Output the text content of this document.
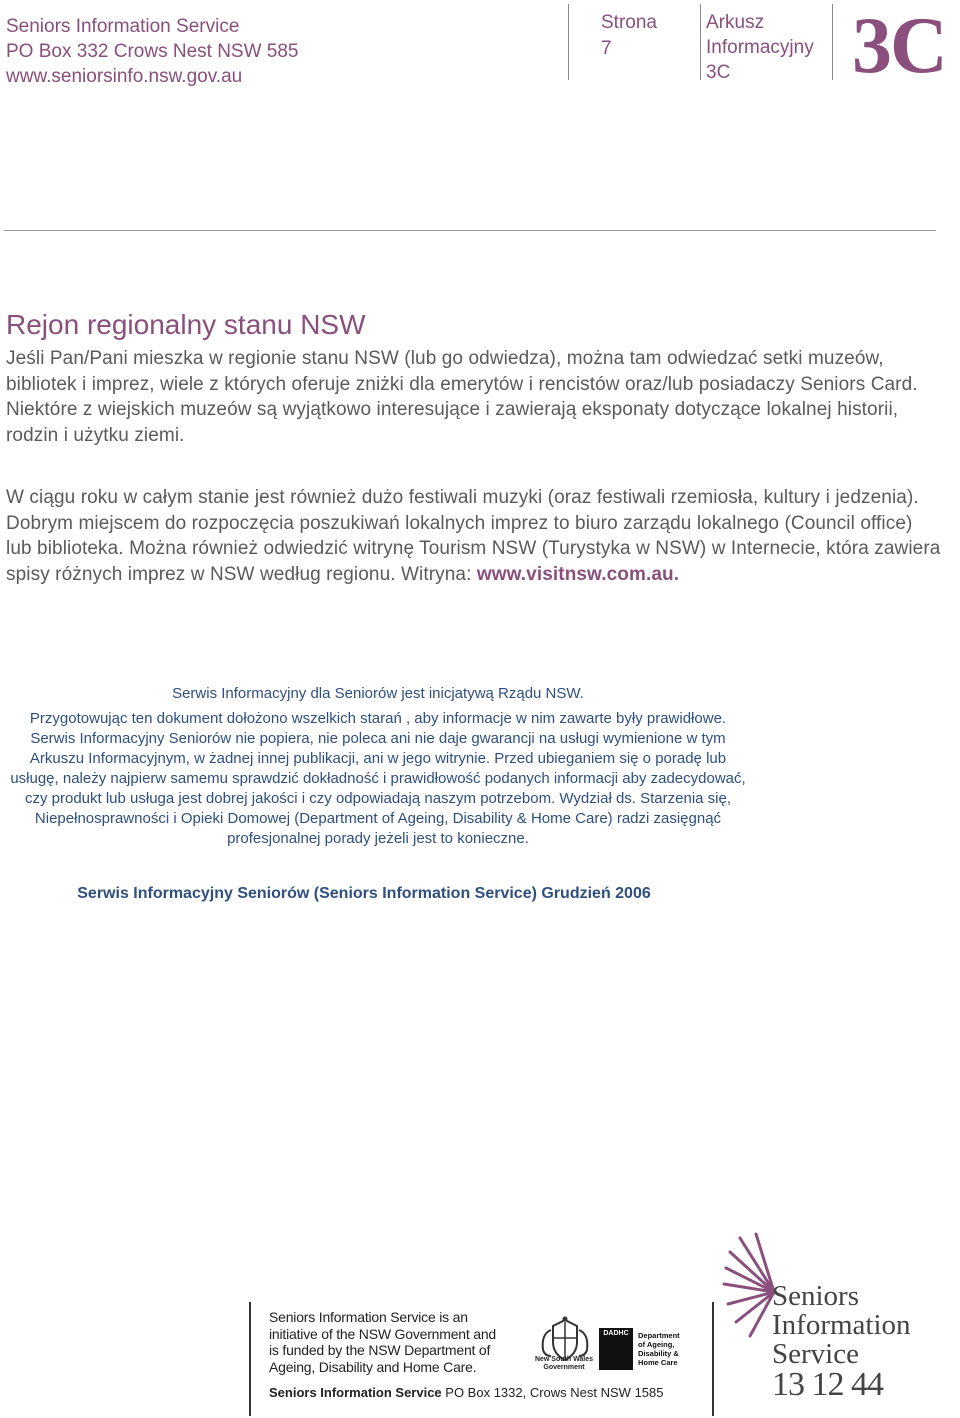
Seniors Information Service
PO Box 332 Crows Nest NSW 585
www.seniorsinfo.nsw.gov.au
Strona
7
Arkusz
Informacyjny
3C	3C
Rejon regionalny stanu NSW
Jeśli Pan/Pani mieszka w regionie stanu NSW (lub go odwiedza), można tam odwiedzać setki muzeów, bibliotek i imprez, wiele z których oferuje zniżki dla emerytów i rencistów oraz/lub posiadaczy Seniors Card. Niektóre z wiejskich muzeów są wyjątkowo interesujące i zawierają eksponaty dotyczące lokalnej historii, rodzin i użytku ziemi.
W ciągu roku w całym stanie jest również dużo festiwali muzyki (oraz festiwali rzemiosła, kultury i jedzenia). Dobrym miejscem do rozpoczęcia poszukiwań lokalnych imprez to biuro zarządu lokalnego (Council office) lub biblioteka. Można również odwiedzić witrynę Tourism NSW (Turystyka w NSW) w Internecie, która zawiera spisy różnych imprez w NSW według regionu. Witryna: www.visitnsw.com.au.
Serwis Informacyjny dla Seniorów jest inicjatywą Rządu NSW.
Przygotowując ten dokument dołożono wszelkich starań , aby informacje w nim zawarte były prawidłowe. Serwis Informacyjny Seniorów nie popiera, nie poleca ani nie daje gwarancji na usługi wymienione w tym Arkuszu Informacyjnym, w żadnej innej publikacji, ani w jego witrynie. Przed ubieganiem się o poradę lub usługę, należy najpierw samemu sprawdzić dokładność i prawidłowość podanych informacji aby zadecydować, czy produkt lub usługa jest dobrej jakości i czy odpowiadają naszym potrzebom. Wydział ds. Starzenia się, Niepełnosprawności i Opieki Domowej (Department of Ageing, Disability & Home Care) radzi zasięgnąć profesjonalnej porady jeżeli jest to konieczne.
Serwis Informacyjny Seniorów (Seniors Information Service) Grudzień 2006
Seniors Information Service is an
initiative of the NSW Government and
is funded by the NSW Department of
Ageing, Disability and Home Care.
Seniors Information Service PO Box 1332, Crows Nest NSW 1585
New South Wales Government
DADHC	Department
of Ageing,
Disability &
Home Care
Seniors
Information
Service
13 12 44
